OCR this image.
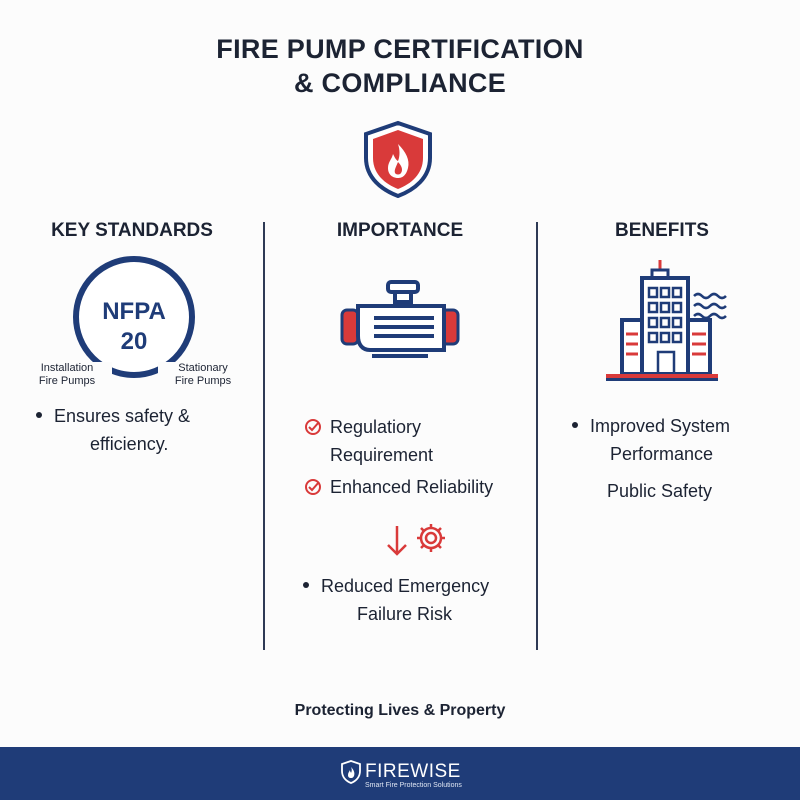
FIRE PUMP CERTIFICATION
& COMPLIANCE
KEY STANDARDS	IMPORTANCE	BENEFITS
NFPA
20
Installation
Fire Pumps
Stationary
Fire Pumps
Ensures safety &
efficiency.
Regulatiory
Requirement
Enhanced Reliability
Reduced Emergency
Failure Risk
Improved System
Performance
Public Safety
Protecting Lives & Property
FIREWISE
Smart Fire Protection Solutions
